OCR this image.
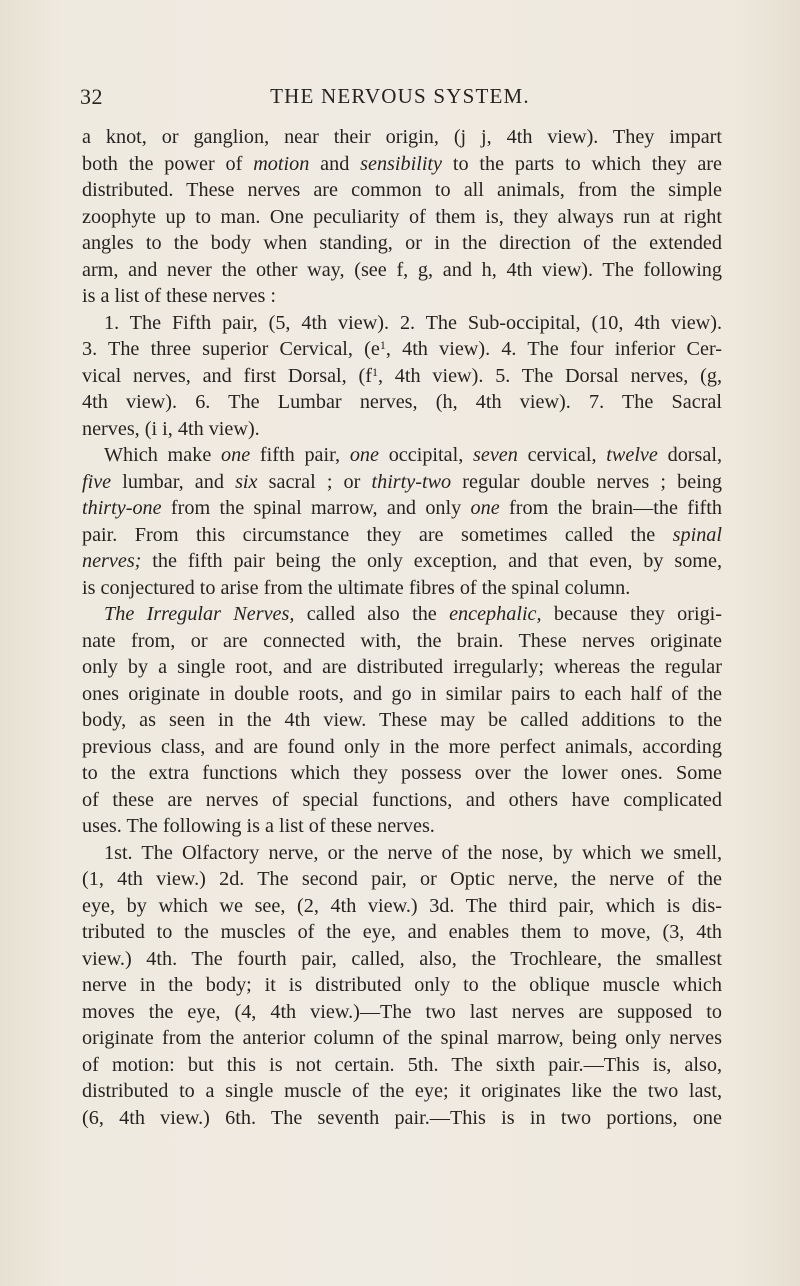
32	THE NERVOUS SYSTEM.
a knot, or ganglion, near their origin, (j j, 4th view). They impart
both the power of motion and sensibility to the parts to which they are
distributed. These nerves are common to all animals, from the simple
zoophyte up to man. One peculiarity of them is, they always run at right
angles to the body when standing, or in the direction of the extended
arm, and never the other way, (see f, g, and h, 4th view). The following
is a list of these nerves :
1. The Fifth pair, (5, 4th view). 2. The Sub-occipital, (10, 4th view).
3. The three superior Cervical, ($e^1$, 4th view). 4. The four inferior Cer-
vical nerves, and first Dorsal, ($f^1$, 4th view). 5. The Dorsal nerves, (g,
4th view). 6. The Lumbar nerves, (h, 4th view). 7. The Sacral
nerves, (i i, 4th view).
Which make one fifth pair, one occipital, seven cervical, twelve dorsal,
five lumbar, and six sacral ; or thirty-two regular double nerves ; being
thirty-one from the spinal marrow, and only one from the brain—the fifth
pair. From this circumstance they are sometimes called the spinal
nerves; the fifth pair being the only exception, and that even, by some,
is conjectured to arise from the ultimate fibres of the spinal column.
The Irregular Nerves, called also the encephalic, because they origi-
nate from, or are connected with, the brain. These nerves originate
only by a single root, and are distributed irregularly; whereas the regular
ones originate in double roots, and go in similar pairs to each half of the
body, as seen in the 4th view. These may be called additions to the
previous class, and are found only in the more perfect animals, according
to the extra functions which they possess over the lower ones. Some
of these are nerves of special functions, and others have complicated
uses. The following is a list of these nerves.
1st. The Olfactory nerve, or the nerve of the nose, by which we smell,
(1, 4th view.) 2d. The second pair, or Optic nerve, the nerve of the
eye, by which we see, (2, 4th view.) 3d. The third pair, which is dis-
tributed to the muscles of the eye, and enables them to move, (3, 4th
view.) 4th. The fourth pair, called, also, the Trochleare, the smallest
nerve in the body; it is distributed only to the oblique muscle which
moves the eye, (4, 4th view.)—The two last nerves are supposed to
originate from the anterior column of the spinal marrow, being only nerves
of motion: but this is not certain. 5th. The sixth pair.—This is, also,
distributed to a single muscle of the eye; it originates like the two last,
(6, 4th view.) 6th. The seventh pair.—This is in two portions, one
